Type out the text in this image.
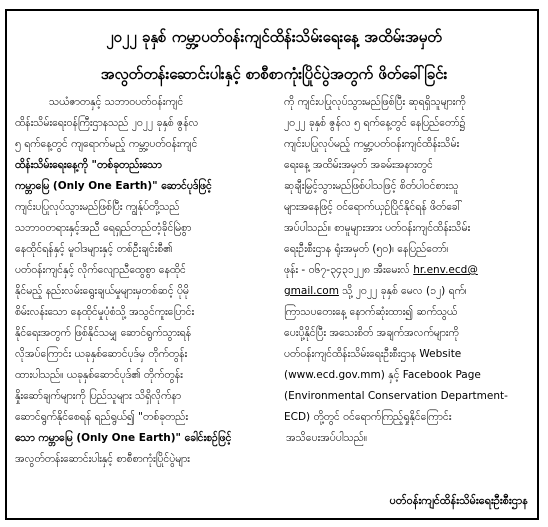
၂၀၂၂ ခုနှစ် ကမ္ဘာ့ပတ်ဝန်းကျင်ထိန်းသိမ်းရေးနေ့ အထိမ်းအမှတ်
အလွတ်တန်းဆောင်းပါးနှင့် စာစီစာကုံးပြိုင်ပွဲအတွက် ဖိတ်ခေါ်ခြင်း

သယံဇာတနှင့် သဘာဝပတ်ဝန်းကျင်
ထိန်းသိမ်းရေးဝန်ကြီးဌာနသည် ၂၀၂၂ ခုနှစ် ဇွန်လ
၅ ရက်နေ့တွင် ကျရောက်မည့် ကမ္ဘာ့ပတ်ဝန်းကျင်
ထိန်းသိမ်းရေးနေ့ကို "တစ်ခုတည်းသော
ကမ္ဘာမြေ (Only One Earth)" ဆောင်ပုဒ်ဖြင့်
ကျင်းပပြုလုပ်သွားမည်ဖြစ်ပြီး ကျွန်ုပ်တို့သည်
သဘာဝတရားနှင့်အညီ ရေရှည်တည်တံ့ခိုင်မြဲစွာ
နေထိုင်ရန်နှင့် မူဝါဒများနှင့် တစ်ဦးချင်းစီ၏
ပတ်ဝန်းကျင်နှင့် လိုက်လျောညီထွေစွာ နေထိုင်
နိုင်မည့် နည်းလမ်းရွေးချယ်မှုများမှတစ်ဆင့် ပိုမို
စိမ်းလန်းသော နေထိုင်မှုပုံစံသို့ အသွင်ကူးပြောင်း
နိုင်ရေးအတွက် ဖြစ်နိုင်သမျှ ဆောင်ရွက်သွားရန်
လိုအပ်ကြောင်း ယခုနှစ်ဆောင်ပုဒ်မှ တိုက်တွန်း
ထားပါသည်။ ယခုနှစ်ဆောင်ပုဒ်၏ တိုက်တွန်း
နှိုးဆော်ချက်များကို ပြည်သူများ သိရှိလိုက်နာ
ဆောင်ရွက်နိုင်စေရန် ရည်ရွယ်၍ "တစ်ခုတည်း
သော ကမ္ဘာမြေ (Only One Earth)" ခေါင်းစဉ်ဖြင့်
အလွတ်တန်းဆောင်းပါးနှင့် စာစီစာကုံးပြိုင်ပွဲများ

ကို ကျင်းပပြုလုပ်သွားမည်ဖြစ်ပြီး ဆုရရှိသူများကို
၂၀၂၂ ခုနှစ် ဇွန်လ ၅ ရက်နေ့တွင် နေပြည်တော်၌
ကျင်းပပြုလုပ်မည့် ကမ္ဘာ့ပတ်ဝန်းကျင်ထိန်းသိမ်း
ရေးနေ့ အထိမ်းအမှတ် အခမ်းအနားတွင်
ဆုချီးမြှင့်သွားမည်ဖြစ်ပါသဖြင့် စိတ်ပါဝင်စားသူ
များအနေဖြင့် ဝင်ရောက်ယှဉ်ပြိုင်နိုင်ရန် ဖိတ်ခေါ်
အပ်ပါသည်။ စာမူများအား ပတ်ဝန်းကျင်ထိန်းသိမ်း
ရေးဦးစီးဌာန ရုံးအမှတ် (၅၀)၊ နေပြည်တော်၊
ဖုန်း - ၀၆၇-၃၄၃၁၂၂၈ အီးမေးလ် hr.env.ecd@
gmail.com သို့ ၂၀၂၂ ခုနှစ် မေလ (၁၂) ရက်၊
ကြာသပတေးနေ့ နောက်ဆုံးထား၍ ဆက်သွယ်
ပေးပို့နိုင်ပြီး အသေးစိတ် အချက်အလက်များကို
ပတ်ဝန်းကျင်ထိန်းသိမ်းရေးဦးစီးဌာန Website
(www.ecd.gov.mm) နှင့် Facebook Page
(Environmental Conservation Department-
ECD) တို့တွင် ဝင်ရောက်ကြည့်ရှုနိုင်ကြောင်း
အသိပေးအပ်ပါသည်။

ပတ်ဝန်းကျင်ထိန်းသိမ်းရေးဦးစီးဌာန
